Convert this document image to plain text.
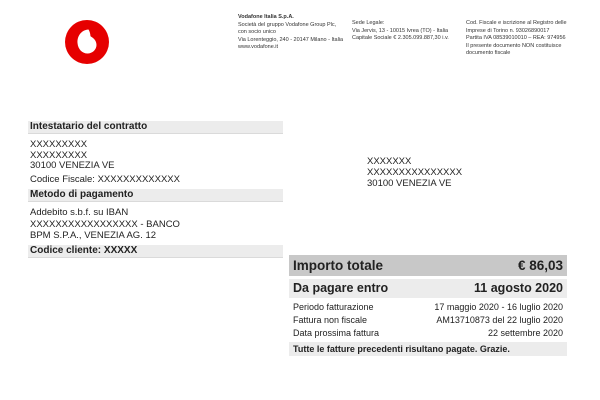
Vodafone Italia S.p.A.
Società del gruppo Vodafone Group Plc,
con socio unico
Via Lorenteggio, 240 - 20147 Milano - Italia
www.vodafone.it
Sede Legale:
Via Jervis, 13 - 10015 Ivrea (TO) - Italia
Capitale Sociale € 2.305.099.887,30 i.v.
Cod. Fiscale e iscrizione al Registro delle
Imprese di Torino n. 93026890017
Partita IVA 08539010010 – REA: 974956
Il presente documento NON costituisce
documento fiscale
Intestatario del contratto
XXXXXXXXX
XXXXXXXXX
30100 VENEZIA VE
Codice Fiscale: XXXXXXXXXXXXX
Metodo di pagamento
Addebito s.b.f. su IBAN
XXXXXXXXXXXXXXXXX - BANCO
BPM S.P.A., VENEZIA AG. 12
Codice cliente: XXXXX
XXXXXXX
XXXXXXXXXXXXXXX
30100 VENEZIA VE
Importo totale	€ 86,03
Da pagare entro	11 agosto 2020
Periodo fatturazione	17 maggio 2020 - 16 luglio 2020
Fattura non fiscale	AM13710873 del 22 luglio 2020
Data prossima fattura	22 settembre 2020
Tutte le fatture precedenti risultano pagate. Grazie.
